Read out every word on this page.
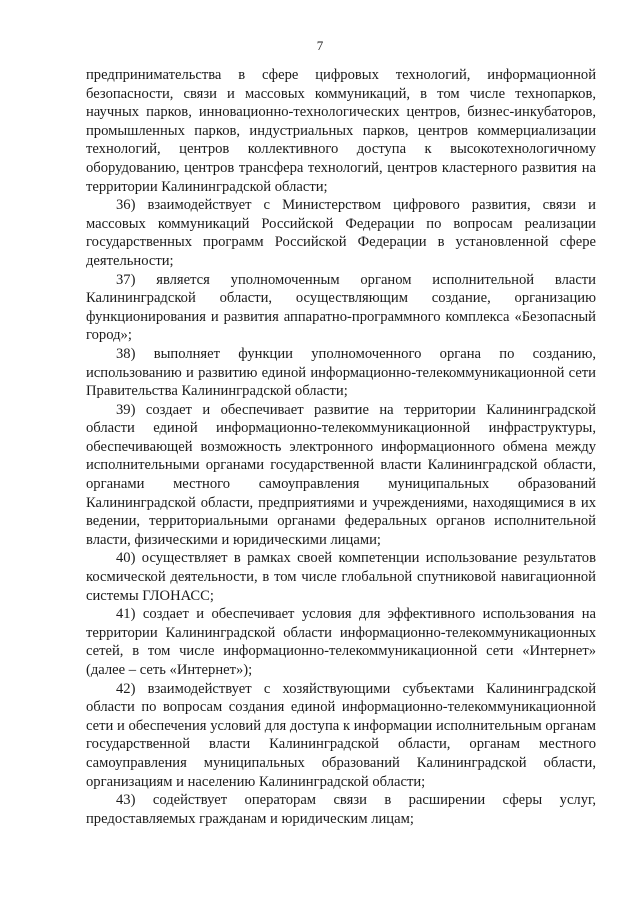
7

предпринимательства в сфере цифровых технологий, информационной безопасности, связи и массовых коммуникаций, в том числе технопарков, научных парков, инновационно-технологических центров, бизнес-инкубаторов, промышленных парков, индустриальных парков, центров коммерциализации технологий, центров коллективного доступа к высокотехнологичному оборудованию, центров трансфера технологий, центров кластерного развития на территории Калининградской области;

36) взаимодействует с Министерством цифрового развития, связи и массовых коммуникаций Российской Федерации по вопросам реализации государственных программ Российской Федерации в установленной сфере деятельности;

37) является уполномоченным органом исполнительной власти Калининградской области, осуществляющим создание, организацию функционирования и развития аппаратно-программного комплекса «Безопасный город»;

38) выполняет функции уполномоченного органа по созданию, использованию и развитию единой информационно-телекоммуникационной сети Правительства Калининградской области;

39) создает и обеспечивает развитие на территории Калининградской области единой информационно-телекоммуникационной инфраструктуры, обеспечивающей возможность электронного информационного обмена между исполнительными органами государственной власти Калининградской области, органами местного самоуправления муниципальных образований Калининградской области, предприятиями и учреждениями, находящимися в их ведении, территориальными органами федеральных органов исполнительной власти, физическими и юридическими лицами;

40) осуществляет в рамках своей компетенции использование результатов космической деятельности, в том числе глобальной спутниковой навигационной системы ГЛОНАСС;

41) создает и обеспечивает условия для эффективного использования на территории Калининградской области информационно-телекоммуникационных сетей, в том числе информационно-телекоммуникационной сети «Интернет» (далее – сеть «Интернет»);

42) взаимодействует с хозяйствующими субъектами Калининградской области по вопросам создания единой информационно-телекоммуникационной сети и обеспечения условий для доступа к информации исполнительным органам государственной власти Калининградской области, органам местного самоуправления муниципальных образований Калининградской области, организациям и населению Калининградской области;

43) содействует операторам связи в расширении сферы услуг, предоставляемых гражданам и юридическим лицам;
